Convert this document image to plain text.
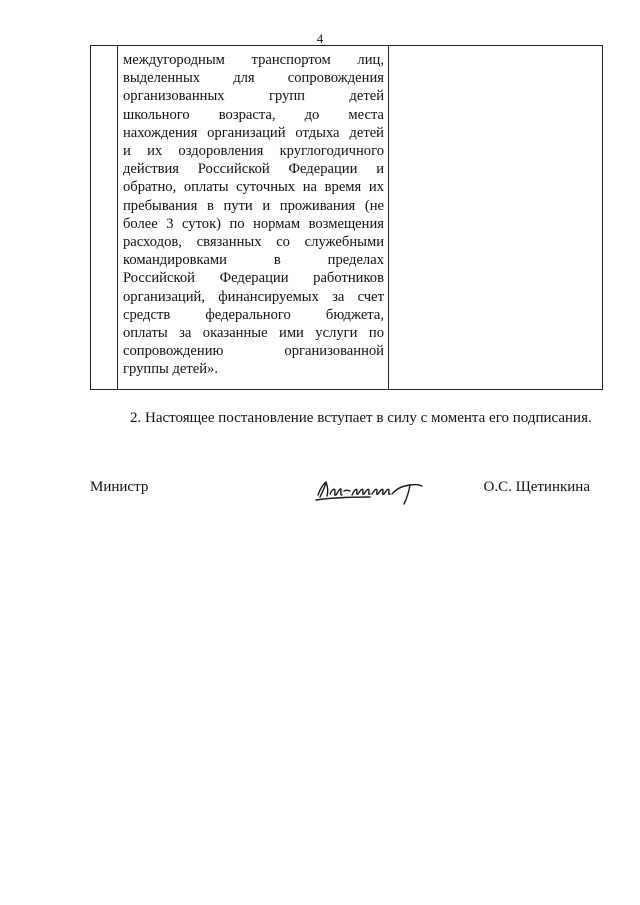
4

междугородным транспортом лиц,
выделенных для сопровождения
организованных групп детей
школьного возраста, до места
нахождения организаций отдыха детей
и их оздоровления круглогодичного
действия Российской Федерации и
обратно, оплаты суточных на время их
пребывания в пути и проживания (не
более 3 суток) по нормам возмещения
расходов, связанных со служебными
командировками в пределах
Российской Федерации работников
организаций, финансируемых за счет
средств федерального бюджета,
оплаты за оказанные ими услуги по
сопровождению организованной
группы детей».

2. Настоящее постановление вступает в силу с момента его подписания.
Министр	О.С. Щетинкина
